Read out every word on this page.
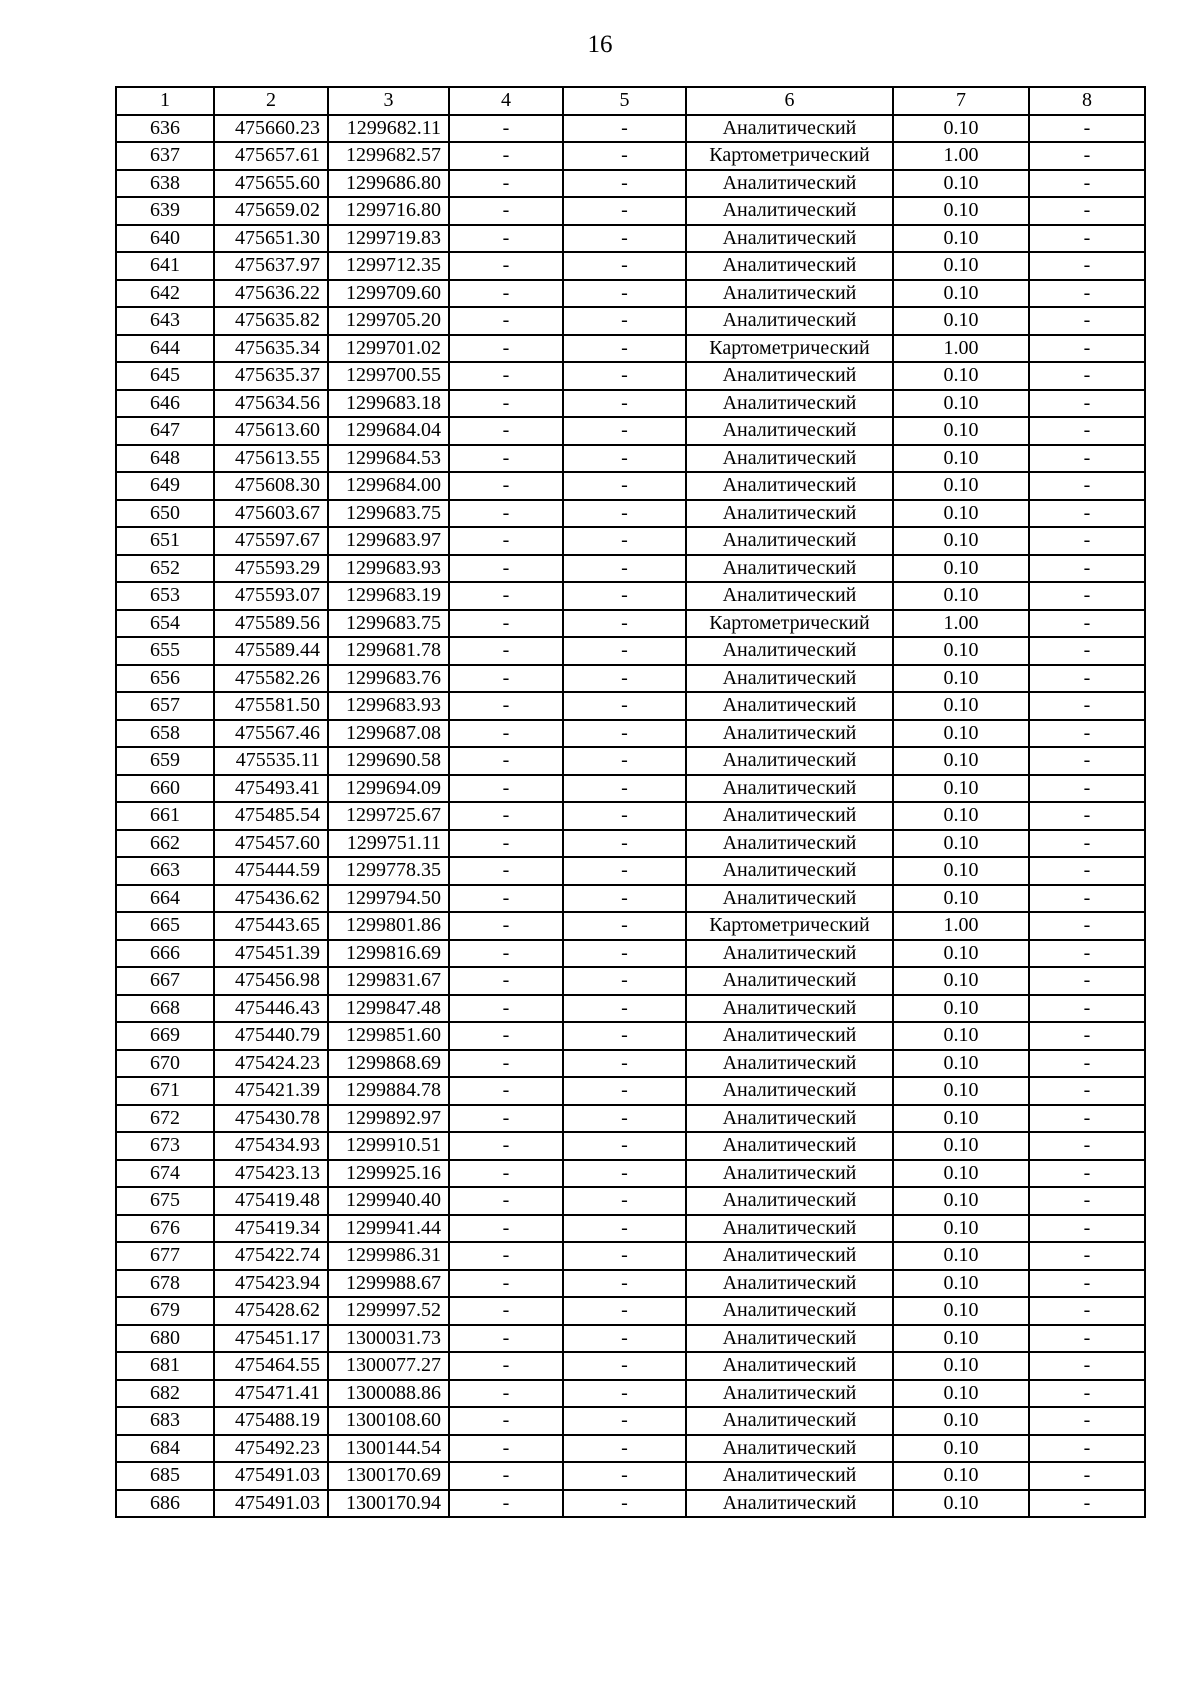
16
1	2	3	4	5	6	7	8
636	475660.23	1299682.11	-	-	Аналитический	0.10	-
637	475657.61	1299682.57	-	-	Картометрический	1.00	-
638	475655.60	1299686.80	-	-	Аналитический	0.10	-
639	475659.02	1299716.80	-	-	Аналитический	0.10	-
640	475651.30	1299719.83	-	-	Аналитический	0.10	-
641	475637.97	1299712.35	-	-	Аналитический	0.10	-
642	475636.22	1299709.60	-	-	Аналитический	0.10	-
643	475635.82	1299705.20	-	-	Аналитический	0.10	-
644	475635.34	1299701.02	-	-	Картометрический	1.00	-
645	475635.37	1299700.55	-	-	Аналитический	0.10	-
646	475634.56	1299683.18	-	-	Аналитический	0.10	-
647	475613.60	1299684.04	-	-	Аналитический	0.10	-
648	475613.55	1299684.53	-	-	Аналитический	0.10	-
649	475608.30	1299684.00	-	-	Аналитический	0.10	-
650	475603.67	1299683.75	-	-	Аналитический	0.10	-
651	475597.67	1299683.97	-	-	Аналитический	0.10	-
652	475593.29	1299683.93	-	-	Аналитический	0.10	-
653	475593.07	1299683.19	-	-	Аналитический	0.10	-
654	475589.56	1299683.75	-	-	Картометрический	1.00	-
655	475589.44	1299681.78	-	-	Аналитический	0.10	-
656	475582.26	1299683.76	-	-	Аналитический	0.10	-
657	475581.50	1299683.93	-	-	Аналитический	0.10	-
658	475567.46	1299687.08	-	-	Аналитический	0.10	-
659	475535.11	1299690.58	-	-	Аналитический	0.10	-
660	475493.41	1299694.09	-	-	Аналитический	0.10	-
661	475485.54	1299725.67	-	-	Аналитический	0.10	-
662	475457.60	1299751.11	-	-	Аналитический	0.10	-
663	475444.59	1299778.35	-	-	Аналитический	0.10	-
664	475436.62	1299794.50	-	-	Аналитический	0.10	-
665	475443.65	1299801.86	-	-	Картометрический	1.00	-
666	475451.39	1299816.69	-	-	Аналитический	0.10	-
667	475456.98	1299831.67	-	-	Аналитический	0.10	-
668	475446.43	1299847.48	-	-	Аналитический	0.10	-
669	475440.79	1299851.60	-	-	Аналитический	0.10	-
670	475424.23	1299868.69	-	-	Аналитический	0.10	-
671	475421.39	1299884.78	-	-	Аналитический	0.10	-
672	475430.78	1299892.97	-	-	Аналитический	0.10	-
673	475434.93	1299910.51	-	-	Аналитический	0.10	-
674	475423.13	1299925.16	-	-	Аналитический	0.10	-
675	475419.48	1299940.40	-	-	Аналитический	0.10	-
676	475419.34	1299941.44	-	-	Аналитический	0.10	-
677	475422.74	1299986.31	-	-	Аналитический	0.10	-
678	475423.94	1299988.67	-	-	Аналитический	0.10	-
679	475428.62	1299997.52	-	-	Аналитический	0.10	-
680	475451.17	1300031.73	-	-	Аналитический	0.10	-
681	475464.55	1300077.27	-	-	Аналитический	0.10	-
682	475471.41	1300088.86	-	-	Аналитический	0.10	-
683	475488.19	1300108.60	-	-	Аналитический	0.10	-
684	475492.23	1300144.54	-	-	Аналитический	0.10	-
685	475491.03	1300170.69	-	-	Аналитический	0.10	-
686	475491.03	1300170.94	-	-	Аналитический	0.10	-
